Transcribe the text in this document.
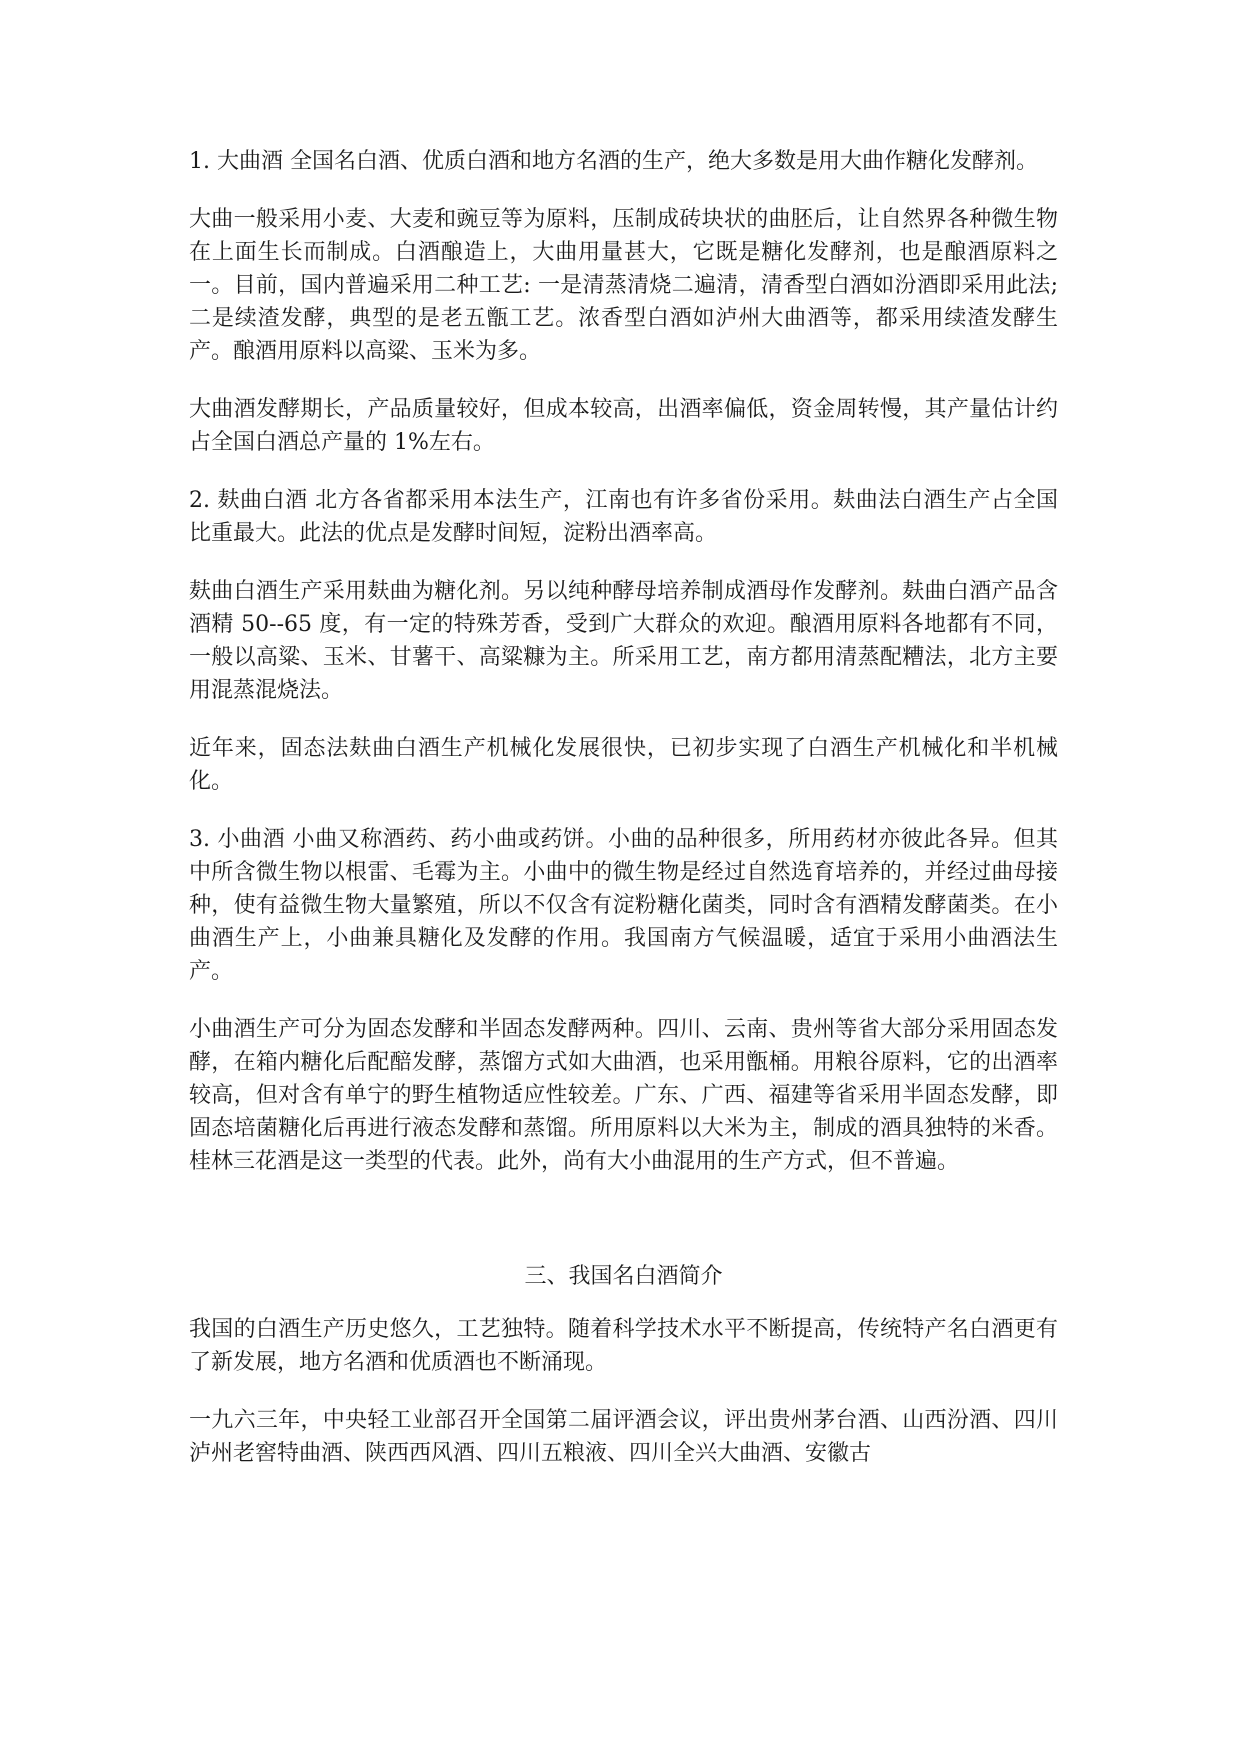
1. 大曲酒 全国名白酒、优质白酒和地方名酒的生产，绝大多数是用大曲作糖化发酵剂。

大曲一般采用小麦、大麦和豌豆等为原料，压制成砖块状的曲胚后，让自然界各种微生物在上面生长而制成。白酒酿造上，大曲用量甚大，它既是糖化发酵剂，也是酿酒原料之一。目前，国内普遍采用二种工艺: 一是清蒸清烧二遍清，清香型白酒如汾酒即采用此法; 二是续渣发酵，典型的是老五甑工艺。浓香型白酒如泸州大曲酒等，都采用续渣发酵生产。酿酒用原料以高粱、玉米为多。

大曲酒发酵期长，产品质量较好，但成本较高，出酒率偏低，资金周转慢，其产量估计约占全国白酒总产量的 1%左右。

2. 麸曲白酒 北方各省都采用本法生产，江南也有许多省份采用。麸曲法白酒生产占全国比重最大。此法的优点是发酵时间短，淀粉出酒率高。

麸曲白酒生产采用麸曲为糖化剂。另以纯种酵母培养制成酒母作发酵剂。麸曲白酒产品含酒精 50--65 度，有一定的特殊芳香，受到广大群众的欢迎。酿酒用原料各地都有不同，一般以高粱、玉米、甘薯干、高粱糠为主。所采用工艺，南方都用清蒸配糟法，北方主要用混蒸混烧法。

近年来，固态法麸曲白酒生产机械化发展很快，已初步实现了白酒生产机械化和半机械化。

3. 小曲酒 小曲又称酒药、药小曲或药饼。小曲的品种很多，所用药材亦彼此各异。但其中所含微生物以根雷、毛霉为主。小曲中的微生物是经过自然选育培养的，并经过曲母接种，使有益微生物大量繁殖，所以不仅含有淀粉糖化菌类，同时含有酒精发酵菌类。在小曲酒生产上，小曲兼具糖化及发酵的作用。我国南方气候温暖，适宜于采用小曲酒法生产。

小曲酒生产可分为固态发酵和半固态发酵两种。四川、云南、贵州等省大部分采用固态发酵，在箱内糖化后配醅发酵，蒸馏方式如大曲酒，也采用甑桶。用粮谷原料，它的出酒率较高，但对含有单宁的野生植物适应性较差。广东、广西、福建等省采用半固态发酵，即固态培菌糖化后再进行液态发酵和蒸馏。所用原料以大米为主，制成的酒具独特的米香。桂林三花酒是这一类型的代表。此外，尚有大小曲混用的生产方式，但不普遍。

三、我国名白酒简介

我国的白酒生产历史悠久，工艺独特。随着科学技术水平不断提高，传统特产名白酒更有了新发展，地方名酒和优质酒也不断涌现。

一九六三年，中央轻工业部召开全国第二届评酒会议，评出贵州茅台酒、山西汾酒、四川泸州老窖特曲酒、陕西西风酒、四川五粮液、四川全兴大曲酒、安徽古
